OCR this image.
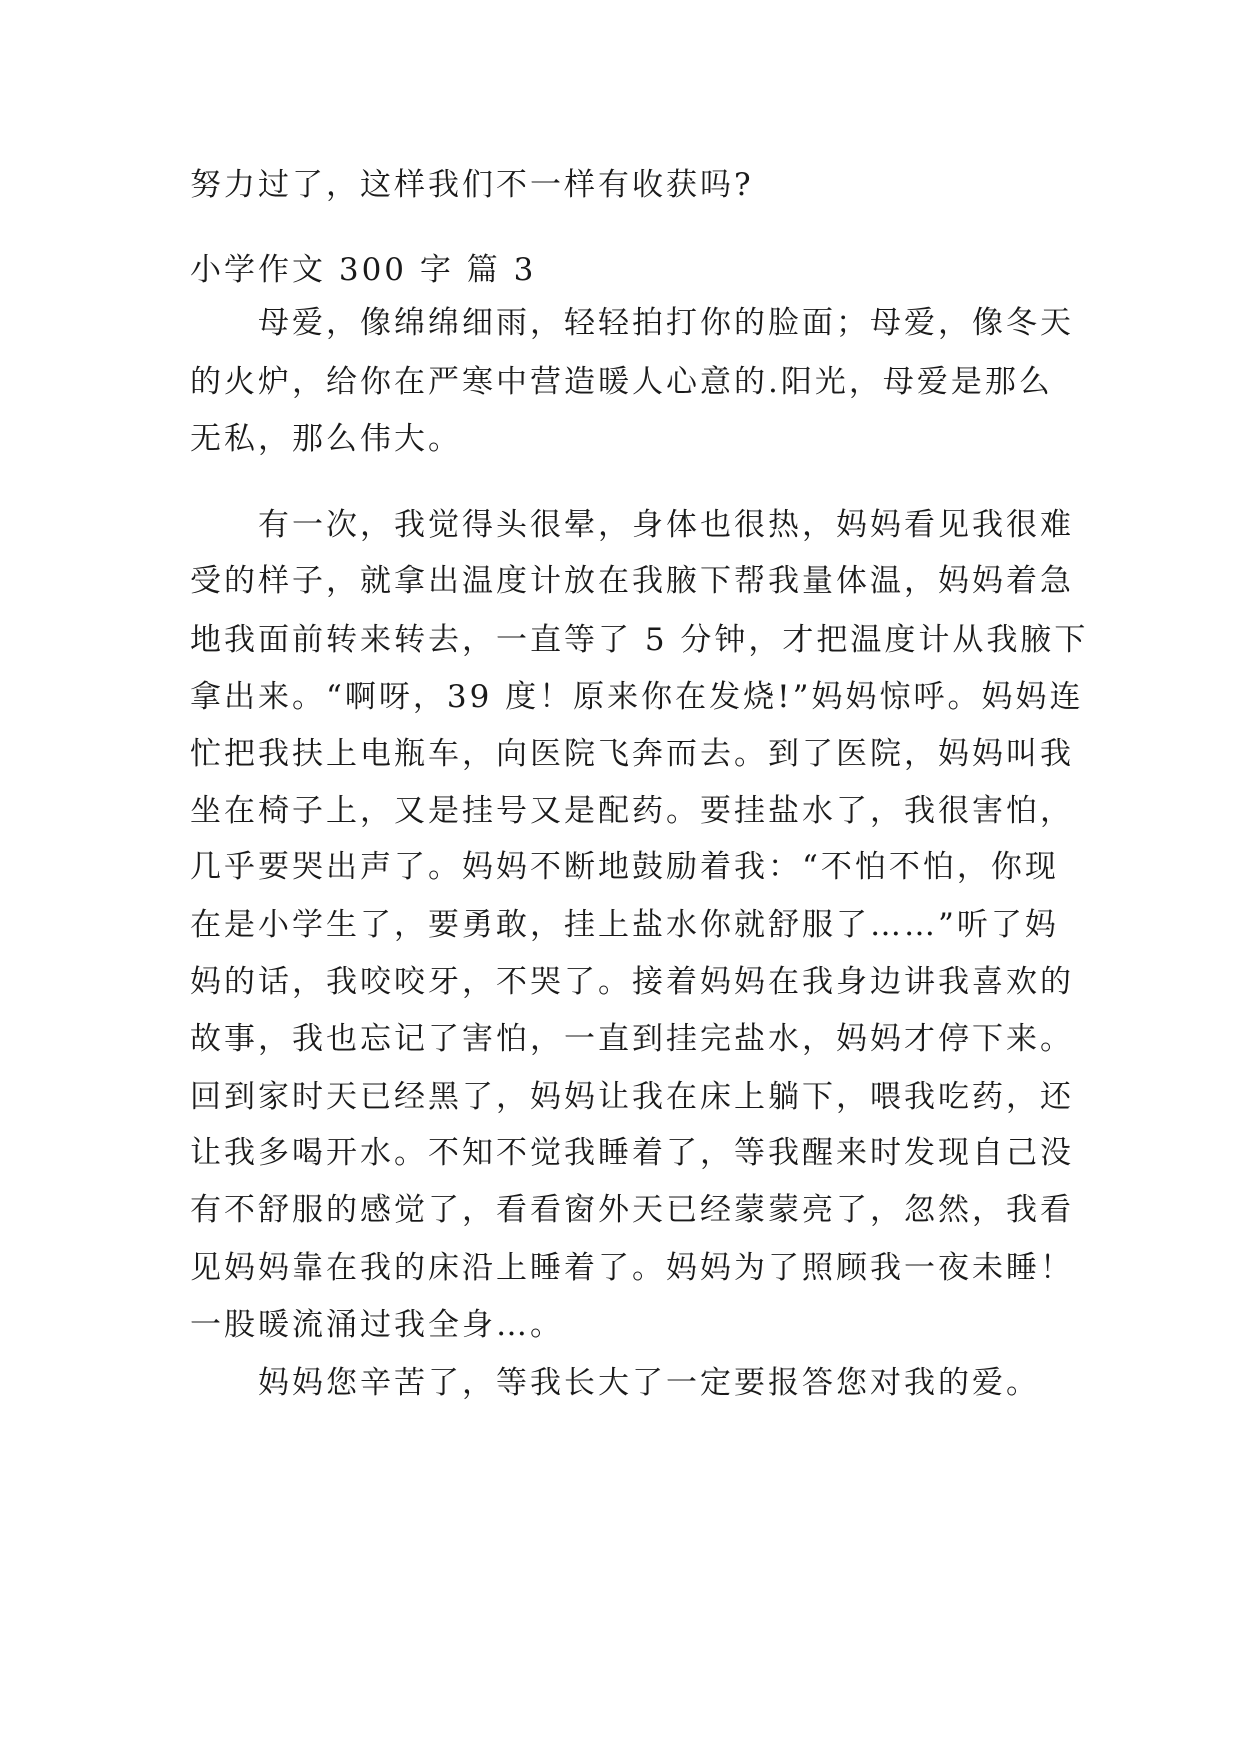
努力过了，这样我们不一样有收获吗?
小学作文 300 字 篇 3
　　母爱，像绵绵细雨，轻轻拍打你的脸面；母爱，像冬天
的火炉，给你在严寒中营造暖人心意的.阳光，母爱是那么
无私，那么伟大。
　　有一次，我觉得头很晕，身体也很热，妈妈看见我很难
受的样子，就拿出温度计放在我腋下帮我量体温，妈妈着急
地我面前转来转去，一直等了 5 分钟，才把温度计从我腋下
拿出来。“啊呀，39 度！原来你在发烧!”妈妈惊呼。妈妈连
忙把我扶上电瓶车，向医院飞奔而去。到了医院，妈妈叫我
坐在椅子上，又是挂号又是配药。要挂盐水了，我很害怕，
几乎要哭出声了。妈妈不断地鼓励着我：“不怕不怕，你现
在是小学生了，要勇敢，挂上盐水你就舒服了……”听了妈
妈的话，我咬咬牙，不哭了。接着妈妈在我身边讲我喜欢的
故事，我也忘记了害怕，一直到挂完盐水，妈妈才停下来。
回到家时天已经黑了，妈妈让我在床上躺下，喂我吃药，还
让我多喝开水。不知不觉我睡着了，等我醒来时发现自己没
有不舒服的感觉了，看看窗外天已经蒙蒙亮了，忽然，我看
见妈妈靠在我的床沿上睡着了。妈妈为了照顾我一夜未睡！
一股暖流涌过我全身…。
　　妈妈您辛苦了，等我长大了一定要报答您对我的爱。
